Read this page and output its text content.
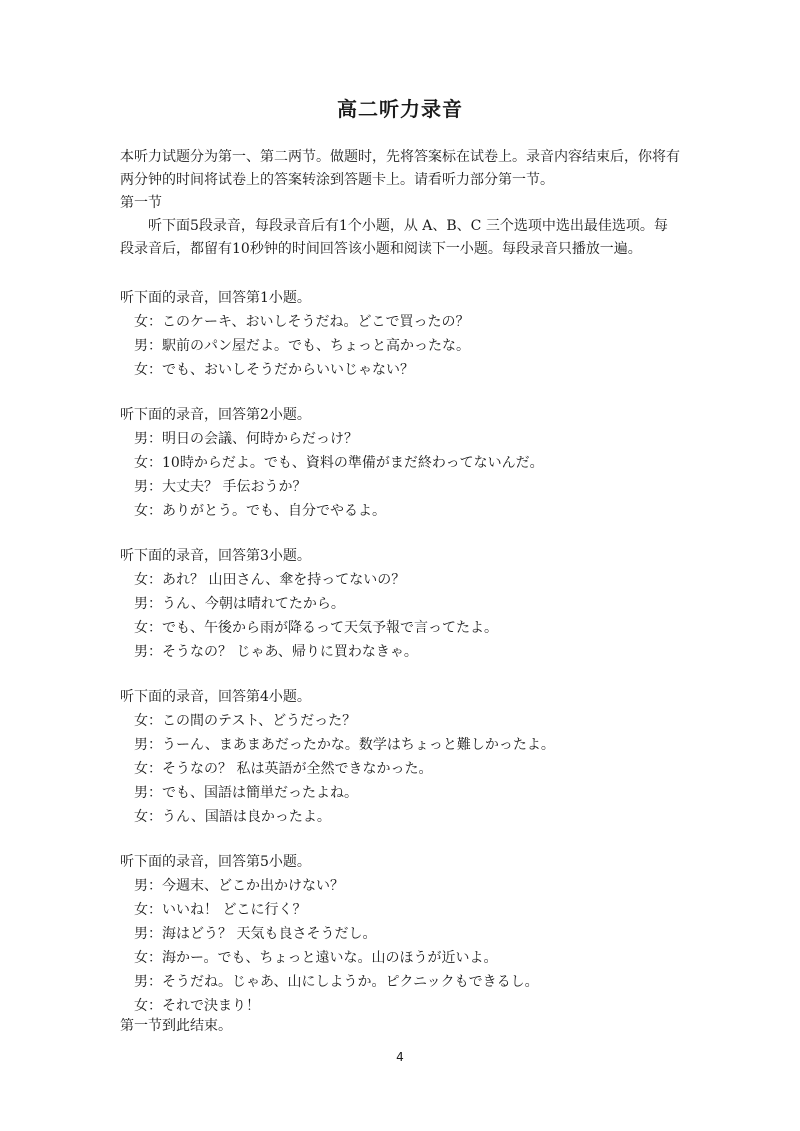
高二听力录音

本听力试题分为第一、第二两节。做题时，先将答案标在试卷上。录音内容结束后，你将有两分钟的时间将试卷上的答案转涂到答题卡上。请看听力部分第一节。

第一节

听下面5段录音，每段录音后有1个小题，从 A、B、C 三个选项中选出最佳选项。每段录音后，都留有10秒钟的时间回答该小题和阅读下一小题。每段录音只播放一遍。

听下面的录音，回答第1小题。
女：このケーキ、おいしそうだね。どこで買ったの？
男：駅前のパン屋だよ。でも、ちょっと高かったな。
女：でも、おいしそうだからいいじゃない？
听下面的录音，回答第2小题。
男：明日の会議、何時からだっけ？
女：10時からだよ。でも、資料の準備がまだ終わってないんだ。
男：大丈夫？ 手伝おうか？
女：ありがとう。でも、自分でやるよ。
听下面的录音，回答第3小题。
女：あれ？ 山田さん、傘を持ってないの？
男：うん、今朝は晴れてたから。
女：でも、午後から雨が降るって天気予報で言ってたよ。
男：そうなの？ じゃあ、帰りに買わなきゃ。
听下面的录音，回答第4小题。
女：この間のテスト、どうだった？
男：うーん、まあまあだったかな。数学はちょっと難しかったよ。
女：そうなの？ 私は英語が全然できなかった。
男：でも、国語は簡単だったよね。
女：うん、国語は良かったよ。
听下面的录音，回答第5小题。
男：今週末、どこか出かけない？
女：いいね！ どこに行く？
男：海はどう？ 天気も良さそうだし。
女：海かー。でも、ちょっと遠いな。山のほうが近いよ。
男：そうだね。じゃあ、山にしようか。ピクニックもできるし。
女：それで決まり！
第一节到此结束。
4
